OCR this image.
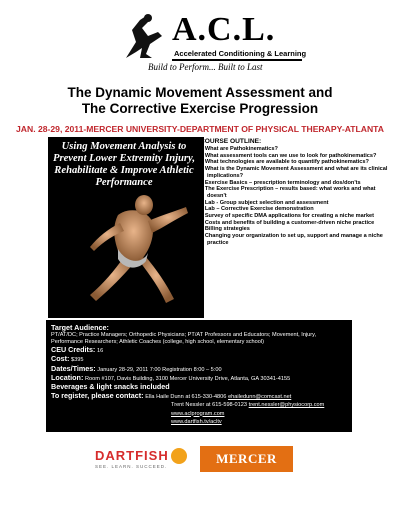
A.C.L.
Accelerated Conditioning & Learning
Build to Perform... Built to Last
The Dynamic Movement Assessment and
The Corrective Exercise Progression
JAN. 28-29, 2011-MERCER UNIVERSITY-DEPARTMENT OF PHYSICAL THERAPY-ATLANTA
Using Movement Analysis to Prevent Lower Extremity Injury, Rehabilitate & Improve Athletic Performance
COURSE OUTLINE:
> What are Pathokinematics?
> What assessment tools can we use to look for pathokinematics?
> What technologies are available to quantify pathokinematics?
> What is the Dynamic Movement Assessment and what are its clinical implications?
> Exercise Basics – prescription terminology and dos/don'ts
> The Exercise Prescription – results based: what works and what doesn't
> Lab - Group subject selection and assessment
> Lab – Corrective Exercise demonstration
> Survey of specific DMA applications for creating a niche market
> Costs and benefits of building a customer-driven niche practice
> Billing strategies
> Changing your organization to set up, support and manage a niche practice
Target Audience:
PT/AT/DC; Practice Managers; Orthopedic Physicians; PT/AT Professors and Educators; Movement, Injury, Performance Researchers; Athletic Coaches (college, high school, elementary school)
CEU Credits: 16
Cost: $395
Dates/Times: January 28-29, 2011 7:00 Registration 8:00 – 5:00
Location: Room #107, Davis Building, 3100 Mercer University Drive, Atlanta, GA 30341-4155
Beverages & light snacks included
To register, please contact: Ella Haile Dunn at 615-330-4806 ehailedunn@comcast.net
Trent Nessler at 615-598-0123 trent.nessler@physiocorp.com
www.aclprogram.com
www.dartfish.tv/acltv
DARTFISH
SEE. LEARN. SUCCEED.
MERCER
